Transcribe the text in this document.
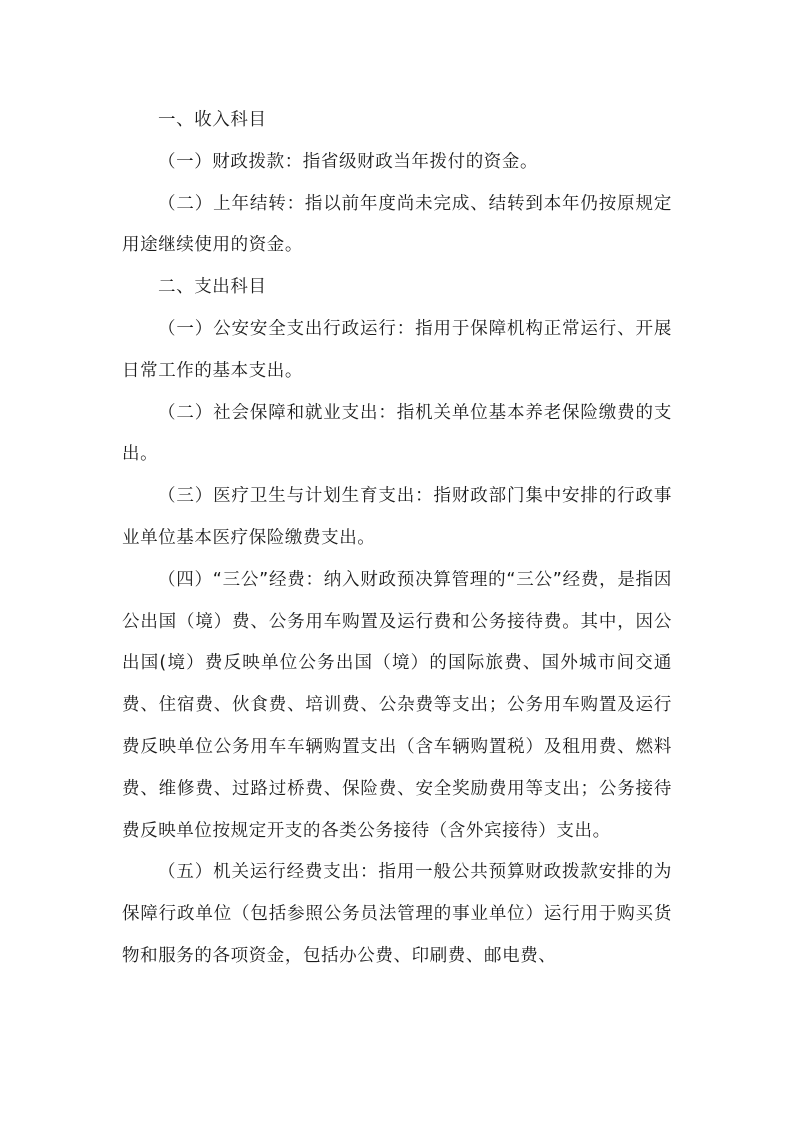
一、收入科目

（一）财政拨款：指省级财政当年拨付的资金。

（二）上年结转：指以前年度尚未完成、结转到本年仍按原规定用途继续使用的资金。

二、支出科目

（一）公安安全支出行政运行：指用于保障机构正常运行、开展日常工作的基本支出。

（二）社会保障和就业支出：指机关单位基本养老保险缴费的支出。

（三）医疗卫生与计划生育支出：指财政部门集中安排的行政事业单位基本医疗保险缴费支出。

（四）“三公”经费：纳入财政预决算管理的“三公”经费，是指因公出国（境）费、公务用车购置及运行费和公务接待费。其中，因公出国(境）费反映单位公务出国（境）的国际旅费、国外城市间交通费、住宿费、伙食费、培训费、公杂费等支出；公务用车购置及运行费反映单位公务用车车辆购置支出（含车辆购置税）及租用费、燃料费、维修费、过路过桥费、保险费、安全奖励费用等支出；公务接待费反映单位按规定开支的各类公务接待（含外宾接待）支出。

（五）机关运行经费支出：指用一般公共预算财政拨款安排的为保障行政单位（包括参照公务员法管理的事业单位）运行用于购买货物和服务的各项资金，包括办公费、印刷费、邮电费、
